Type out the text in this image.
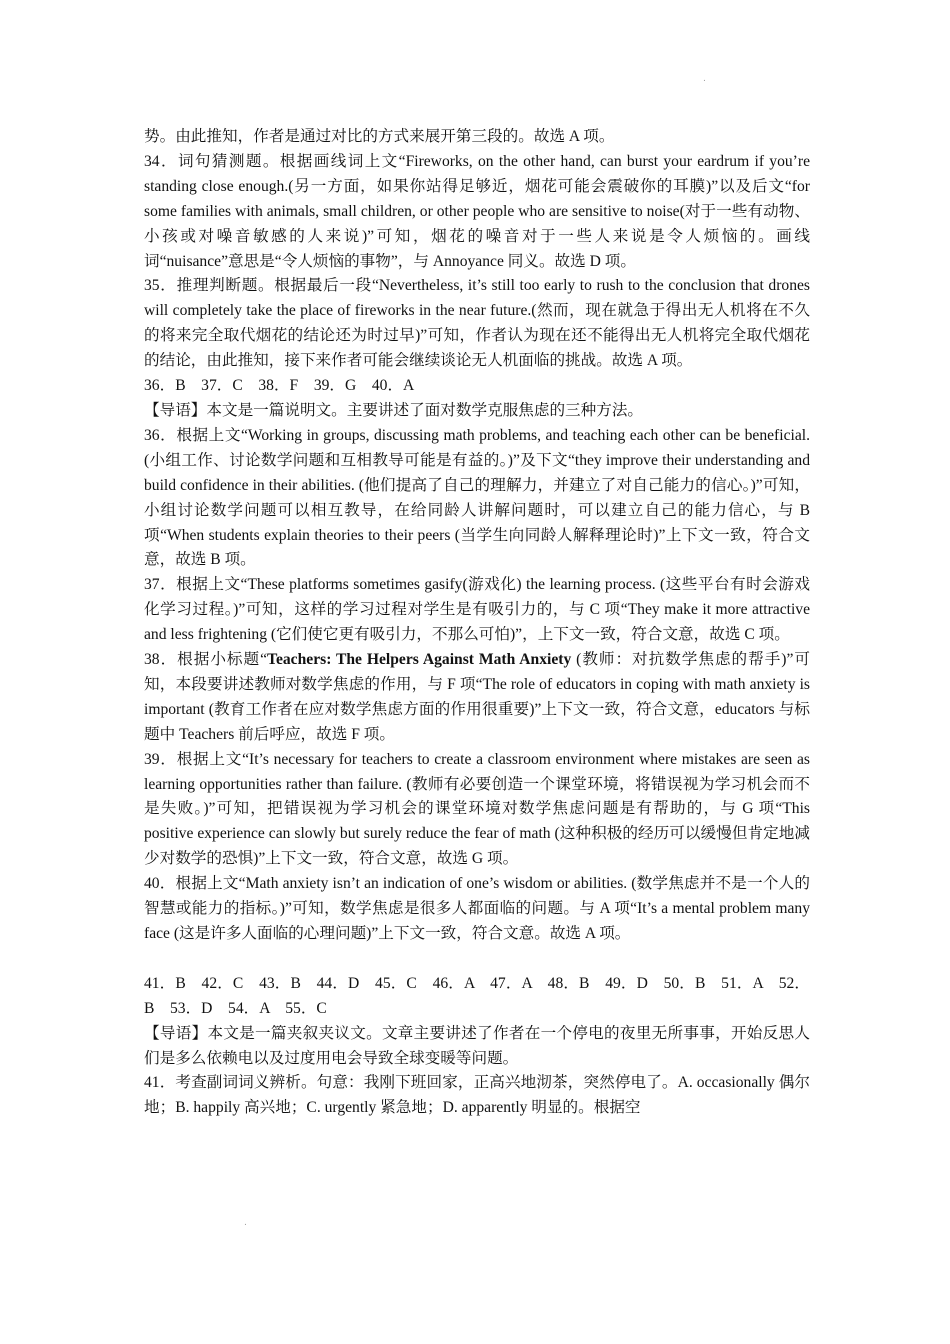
.

势。由此推知，作者是通过对比的方式来展开第三段的。故选 A 项。

34．词句猜测题。根据画线词上文“Fireworks, on the other hand, can burst your eardrum if you’re standing close enough.(另一方面，如果你站得足够近，烟花可能会震破你的耳膜)”以及后文“for some families with animals, small children, or other people who are sensitive to noise(对于一些有动物、小孩或对噪音敏感的人来说)”可知，烟花的噪音对于一些人来说是令人烦恼的。画线词“nuisance”意思是“令人烦恼的事物”，与 Annoyance 同义。故选 D 项。

35．推理判断题。根据最后一段“Nevertheless, it’s still too early to rush to the conclusion that drones will completely take the place of fireworks in the near future.(然而，现在就急于得出无人机将在不久的将来完全取代烟花的结论还为时过早)”可知，作者认为现在还不能得出无人机将完全取代烟花的结论，由此推知，接下来作者可能会继续谈论无人机面临的挑战。故选 A 项。

36．B　37．C　38．F　39．G　40．A

【导语】本文是一篇说明文。主要讲述了面对数学克服焦虑的三种方法。

36．根据上文“Working in groups, discussing math problems, and teaching each other can be beneficial. (小组工作、讨论数学问题和互相教导可能是有益的。)”及下文“they improve their understanding and build confidence in their abilities. (他们提高了自己的理解力，并建立了对自己能力的信心。)”可知，小组讨论数学问题可以相互教导，在给同龄人讲解问题时，可以建立自己的能力信心，与 B 项“When students explain theories to their peers (当学生向同龄人解释理论时)”上下文一致，符合文意，故选 B 项。

37．根据上文“These platforms sometimes gasify(游戏化) the learning process. (这些平台有时会游戏化学习过程。)”可知，这样的学习过程对学生是有吸引力的，与 C 项“They make it more attractive and less frightening (它们使它更有吸引力，不那么可怕)”，上下文一致，符合文意，故选 C 项。

38．根据小标题“Teachers: The Helpers Against Math Anxiety (教师：对抗数学焦虑的帮手)”可知，本段要讲述教师对数学焦虑的作用，与 F 项“The role of educators in coping with math anxiety is important (教育工作者在应对数学焦虑方面的作用很重要)”上下文一致，符合文意，educators 与标题中 Teachers 前后呼应，故选 F 项。

39．根据上文“It’s necessary for teachers to create a classroom environment where mistakes are seen as learning opportunities rather than failure. (教师有必要创造一个课堂环境，将错误视为学习机会而不是失败。)”可知，把错误视为学习机会的课堂环境对数学焦虑问题是有帮助的，与 G 项“This positive experience can slowly but surely reduce the fear of math (这种积极的经历可以缓慢但肯定地减少对数学的恐惧)”上下文一致，符合文意，故选 G 项。

40．根据上文“Math anxiety isn’t an indication of one’s wisdom or abilities. (数学焦虑并不是一个人的智慧或能力的指标。)”可知，数学焦虑是很多人都面临的问题。与 A 项“It’s a mental problem many face (这是许多人面临的心理问题)”上下文一致，符合文意。故选 A 项。

41．B　42．C　43．B　44．D　45．C　46．A　47．A　48．B　49．D　50．B　51．A　52．B　53．D　54．A　55．C

【导语】本文是一篇夹叙夹议文。文章主要讲述了作者在一个停电的夜里无所事事，开始反思人们是多么依赖电以及过度用电会导致全球变暖等问题。

41．考查副词词义辨析。句意：我刚下班回家，正高兴地沏茶，突然停电了。A. occasionally 偶尔地；B. happily 高兴地；C. urgently 紧急地；D. apparently 明显的。根据空

.
